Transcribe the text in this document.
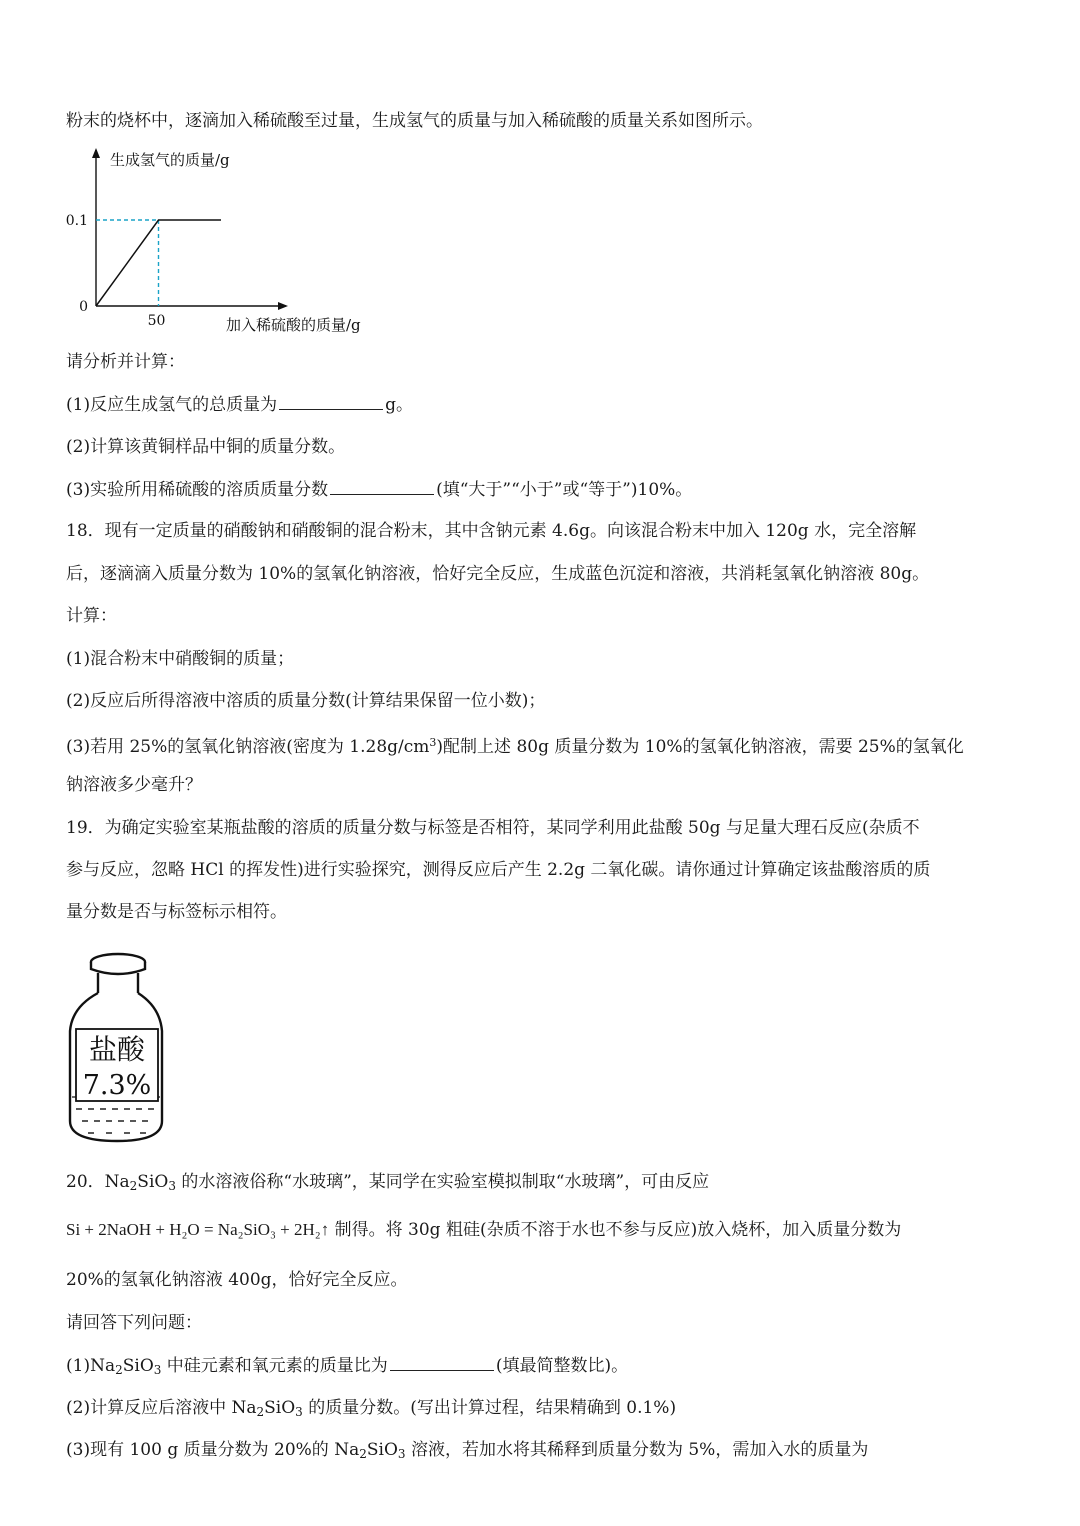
粉末的烧杯中，逐滴加入稀硫酸至过量，生成氢气的质量与加入稀硫酸的质量关系如图所示。
生成氢气的质量/g
加入稀硫酸的质量/g
0.1
50
0
请分析并计算：
(1)反应生成氢气的总质量为	g。
(2)计算该黄铜样品中铜的质量分数。
(3)实验所用稀硫酸的溶质质量分数	(填“大于”“小于”或“等于”)10%。
18．现有一定质量的硝酸钠和硝酸铜的混合粉末，其中含钠元素 4.6g。向该混合粉末中加入 120g 水，完全溶解
后，逐滴滴入质量分数为 10%的氢氧化钠溶液，恰好完全反应，生成蓝色沉淀和溶液，共消耗氢氧化钠溶液 80g。
计算：
(1)混合粉末中硝酸铜的质量；
(2)反应后所得溶液中溶质的质量分数(计算结果保留一位小数)；
(3)若用 25%的氢氧化钠溶液(密度为 $1.28g/cm^3$)配制上述 80g 质量分数为 10%的氢氧化钠溶液，需要 25%的氢氧化
钠溶液多少毫升？
19．为确定实验室某瓶盐酸的溶质的质量分数与标签是否相符，某同学利用此盐酸 50g 与足量大理石反应(杂质不
参与反应，忽略 HCl 的挥发性)进行实验探究，测得反应后产生 2.2g 二氧化碳。请你通过计算确定该盐酸溶质的质
量分数是否与标签标示相符。
盐酸
7.3%
20．$Na_2SiO_3$ 的水溶液俗称“水玻璃”，某同学在实验室模拟制取“水玻璃”，可由反应
Si + 2NaOH + H₂O = Na₂SiO₃ + 2H₂↑ 制得。将 30g 粗硅(杂质不溶于水也不参与反应)放入烧杯，加入质量分数为
20%的氢氧化钠溶液 400g，恰好完全反应。
请回答下列问题：
$(1)Na_2SiO_3$ 中硅元素和氧元素的质量比为	(填最简整数比)。
(2)计算反应后溶液中 $Na_2SiO_3$ 的质量分数。(写出计算过程，结果精确到 0.1%)
(3)现有 100 g 质量分数为 20%的 $Na_2SiO_3$ 溶液，若加水将其稀释到质量分数为 5%，需加入水的质量为
